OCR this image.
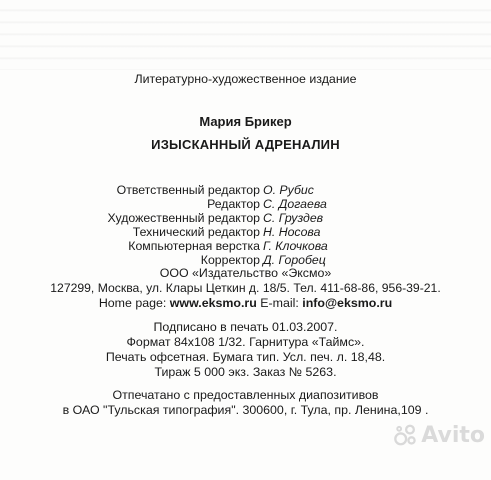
Литературно-художественное издание
Мария Брикер
ИЗЫСКАННЫЙ АДРЕНАЛИН
Ответственный редактор О. Рубис
Редактор С. Догаева
Художественный редактор С. Груздев
Технический редактор Н. Носова
Компьютерная верстка Г. Клочкова
Корректор Д. Горобец
ООО «Издательство «Эксмо»
127299, Москва, ул. Клары Цеткин д. 18/5. Тел. 411-68-86, 956-39-21.
Home page: www.eksmo.ru E-mail: info@eksmo.ru
Подписано в печать 01.03.2007.
Формат 84x108 1/32. Гарнитура «Таймс».
Печать офсетная. Бумага тип. Усл. печ. л. 18,48.
Тираж 5 000 экз. Заказ № 5263.
Отпечатано с предоставленных диапозитивов
в ОАО "Тульская типография". 300600, г. Тула, пр. Ленина,109 .
Avito
